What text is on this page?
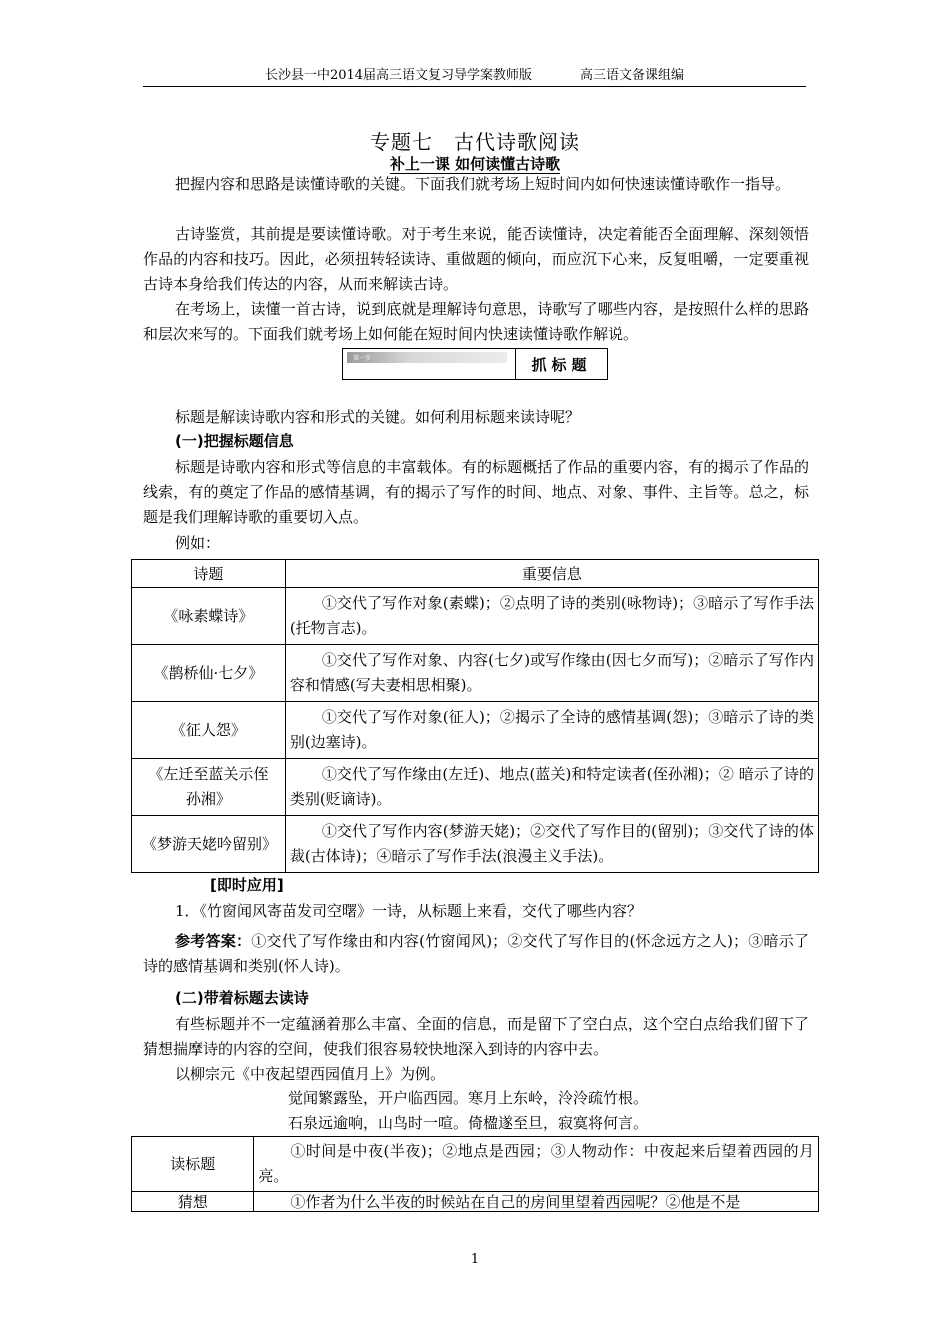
长沙县一中2014届高三语文复习导学案教师版	高三语文备课组编
专题七　古代诗歌阅读
补上一课 如何读懂古诗歌

把握内容和思路是读懂诗歌的关键。下面我们就考场上短时间内如何快速读懂诗歌作一指导。

古诗鉴赏，其前提是要读懂诗歌。对于考生来说，能否读懂诗，决定着能否全面理解、深刻领悟作品的内容和技巧。因此，必须扭转轻读诗、重做题的倾向，而应沉下心来，反复咀嚼，一定要重视古诗本身给我们传达的内容，从而来解读古诗。

在考场上，读懂一首古诗，说到底就是理解诗句意思，诗歌写了哪些内容，是按照什么样的思路和层次来写的。下面我们就考场上如何能在短时间内快速读懂诗歌作解说。

第一步	抓标题

标题是解读诗歌内容和形式的关键。如何利用标题来读诗呢？

(一)把握标题信息

标题是诗歌内容和形式等信息的丰富载体。有的标题概括了作品的重要内容，有的揭示了作品的线索，有的奠定了作品的感情基调，有的揭示了写作的时间、地点、对象、事件、主旨等。总之，标题是我们理解诗歌的重要切入点。

例如：

诗题	重要信息
《咏素蝶诗》	①交代了写作对象(素蝶)；②点明了诗的类别(咏物诗)；③暗示了写作手法(托物言志)。
《鹊桥仙·七夕》	①交代了写作对象、内容(七夕)或写作缘由(因七夕而写)；②暗示了写作内容和情感(写夫妻相思相聚)。
《征人怨》	①交代了写作对象(征人)；②揭示了全诗的感情基调(怨)；③暗示了诗的类别(边塞诗)。
《左迁至蓝关示侄孙湘》	①交代了写作缘由(左迁)、地点(蓝关)和特定读者(侄孙湘)；② 暗示了诗的类别(贬谪诗)。
《梦游天姥吟留别》	①交代了写作内容(梦游天姥)；②交代了写作目的(留别)；③交代了诗的体裁(古体诗)；④暗示了写作手法(浪漫主义手法)。
[即时应用]

1．《竹窗闻风寄苗发司空曙》一诗，从标题上来看，交代了哪些内容？

参考答案：①交代了写作缘由和内容(竹窗闻风)；②交代了写作目的(怀念远方之人)；③暗示了诗的感情基调和类别(怀人诗)。

(二)带着标题去读诗

有些标题并不一定蕴涵着那么丰富、全面的信息，而是留下了空白点，这个空白点给我们留下了猜想揣摩诗的内容的空间，使我们很容易较快地深入到诗的内容中去。

以柳宗元《中夜起望西园值月上》为例。

觉闻繁露坠，开户临西园。寒月上东岭，泠泠疏竹根。
石泉远逾响，山鸟时一喧。倚楹遂至旦，寂寞将何言。
读标题	①时间是中夜(半夜)；②地点是西园；③人物动作：中夜起来后望着西园的月亮。
猜想	①作者为什么半夜的时候站在自己的房间里望着西园呢？②他是不是
1
